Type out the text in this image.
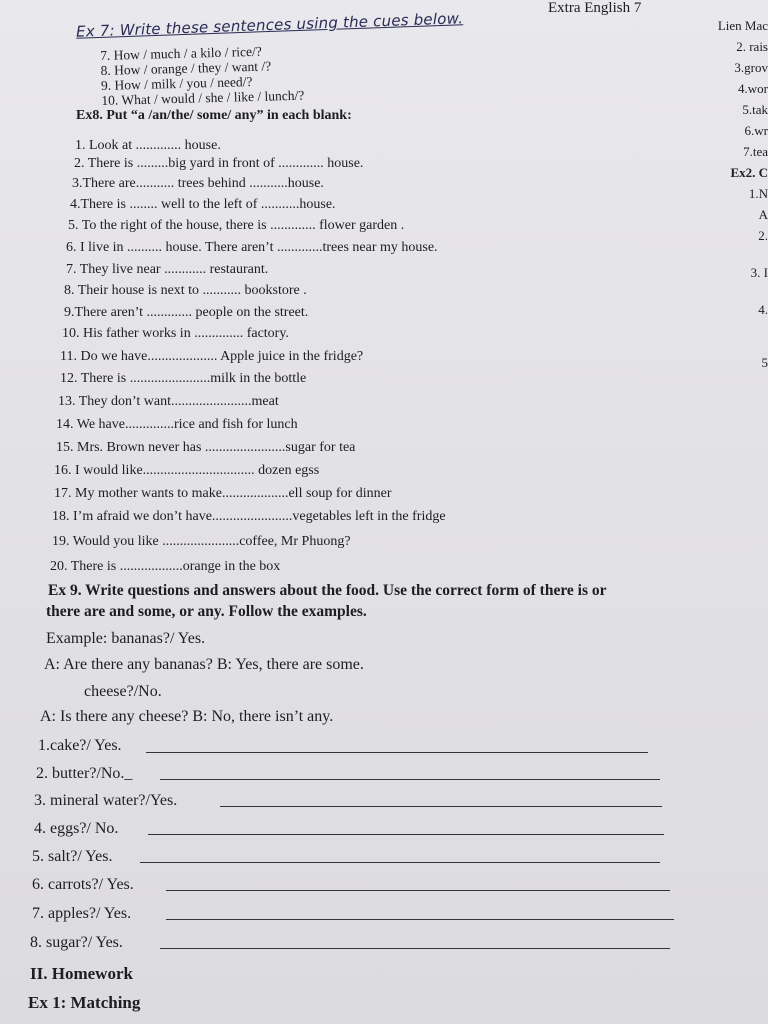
Extra English 7
Lien Mac
2. rais
3.grov
4.wor
5.tak
6.wr
7.tea
Ex2. C
1.N
A
2.
3. I
4.
5
Ex 7: Write these sentences using the cues below.
7. How / much / a kilo / rice/?
8. How / orange / they / want /?
9. How / milk / you / need/?
10. What / would / she / like / lunch/?
Ex8. Put “a /an/the/ some/ any” in each blank:
1. Look at ............. house.
2. There is .........big yard in front of ............. house.
3.There are........... trees behind ...........house.
4.There is ........ well to the left of ...........house.
5. To the right of the house, there is ............. flower garden .
6. I live in .......... house. There aren’t .............trees near my house.
7. They live near ............ restaurant.
8. Their house is next to ........... bookstore .
9.There aren’t ............. people on the street.
10. His father works in .............. factory.
11. Do we have.................... Apple juice in the fridge?
12. There is .......................milk in the bottle
13. They don’t want.......................meat
14. We have..............rice and fish for lunch
15. Mrs. Brown never has .......................sugar for tea
16. I would like................................ dozen egss
17. My mother wants to make...................ell soup for dinner
18. I’m afraid we don’t have.......................vegetables left in the fridge
19. Would you like ......................coffee, Mr Phuong?
20. There is ..................orange in the box
Ex 9. Write questions and answers about the food. Use the correct form of there is or
there are and some, or any. Follow the examples.
Example: bananas?/ Yes.
A: Are there any bananas? B: Yes, there are some.
cheese?/No.
A: Is there any cheese? B: No, there isn’t any.
1.cake?/ Yes.
2. butter?/No._
3. mineral water?/Yes.
4. eggs?/ No.
5. salt?/ Yes.
6. carrots?/ Yes.
7. apples?/ Yes.
8. sugar?/ Yes.
II. Homework
Ex 1: Matching
